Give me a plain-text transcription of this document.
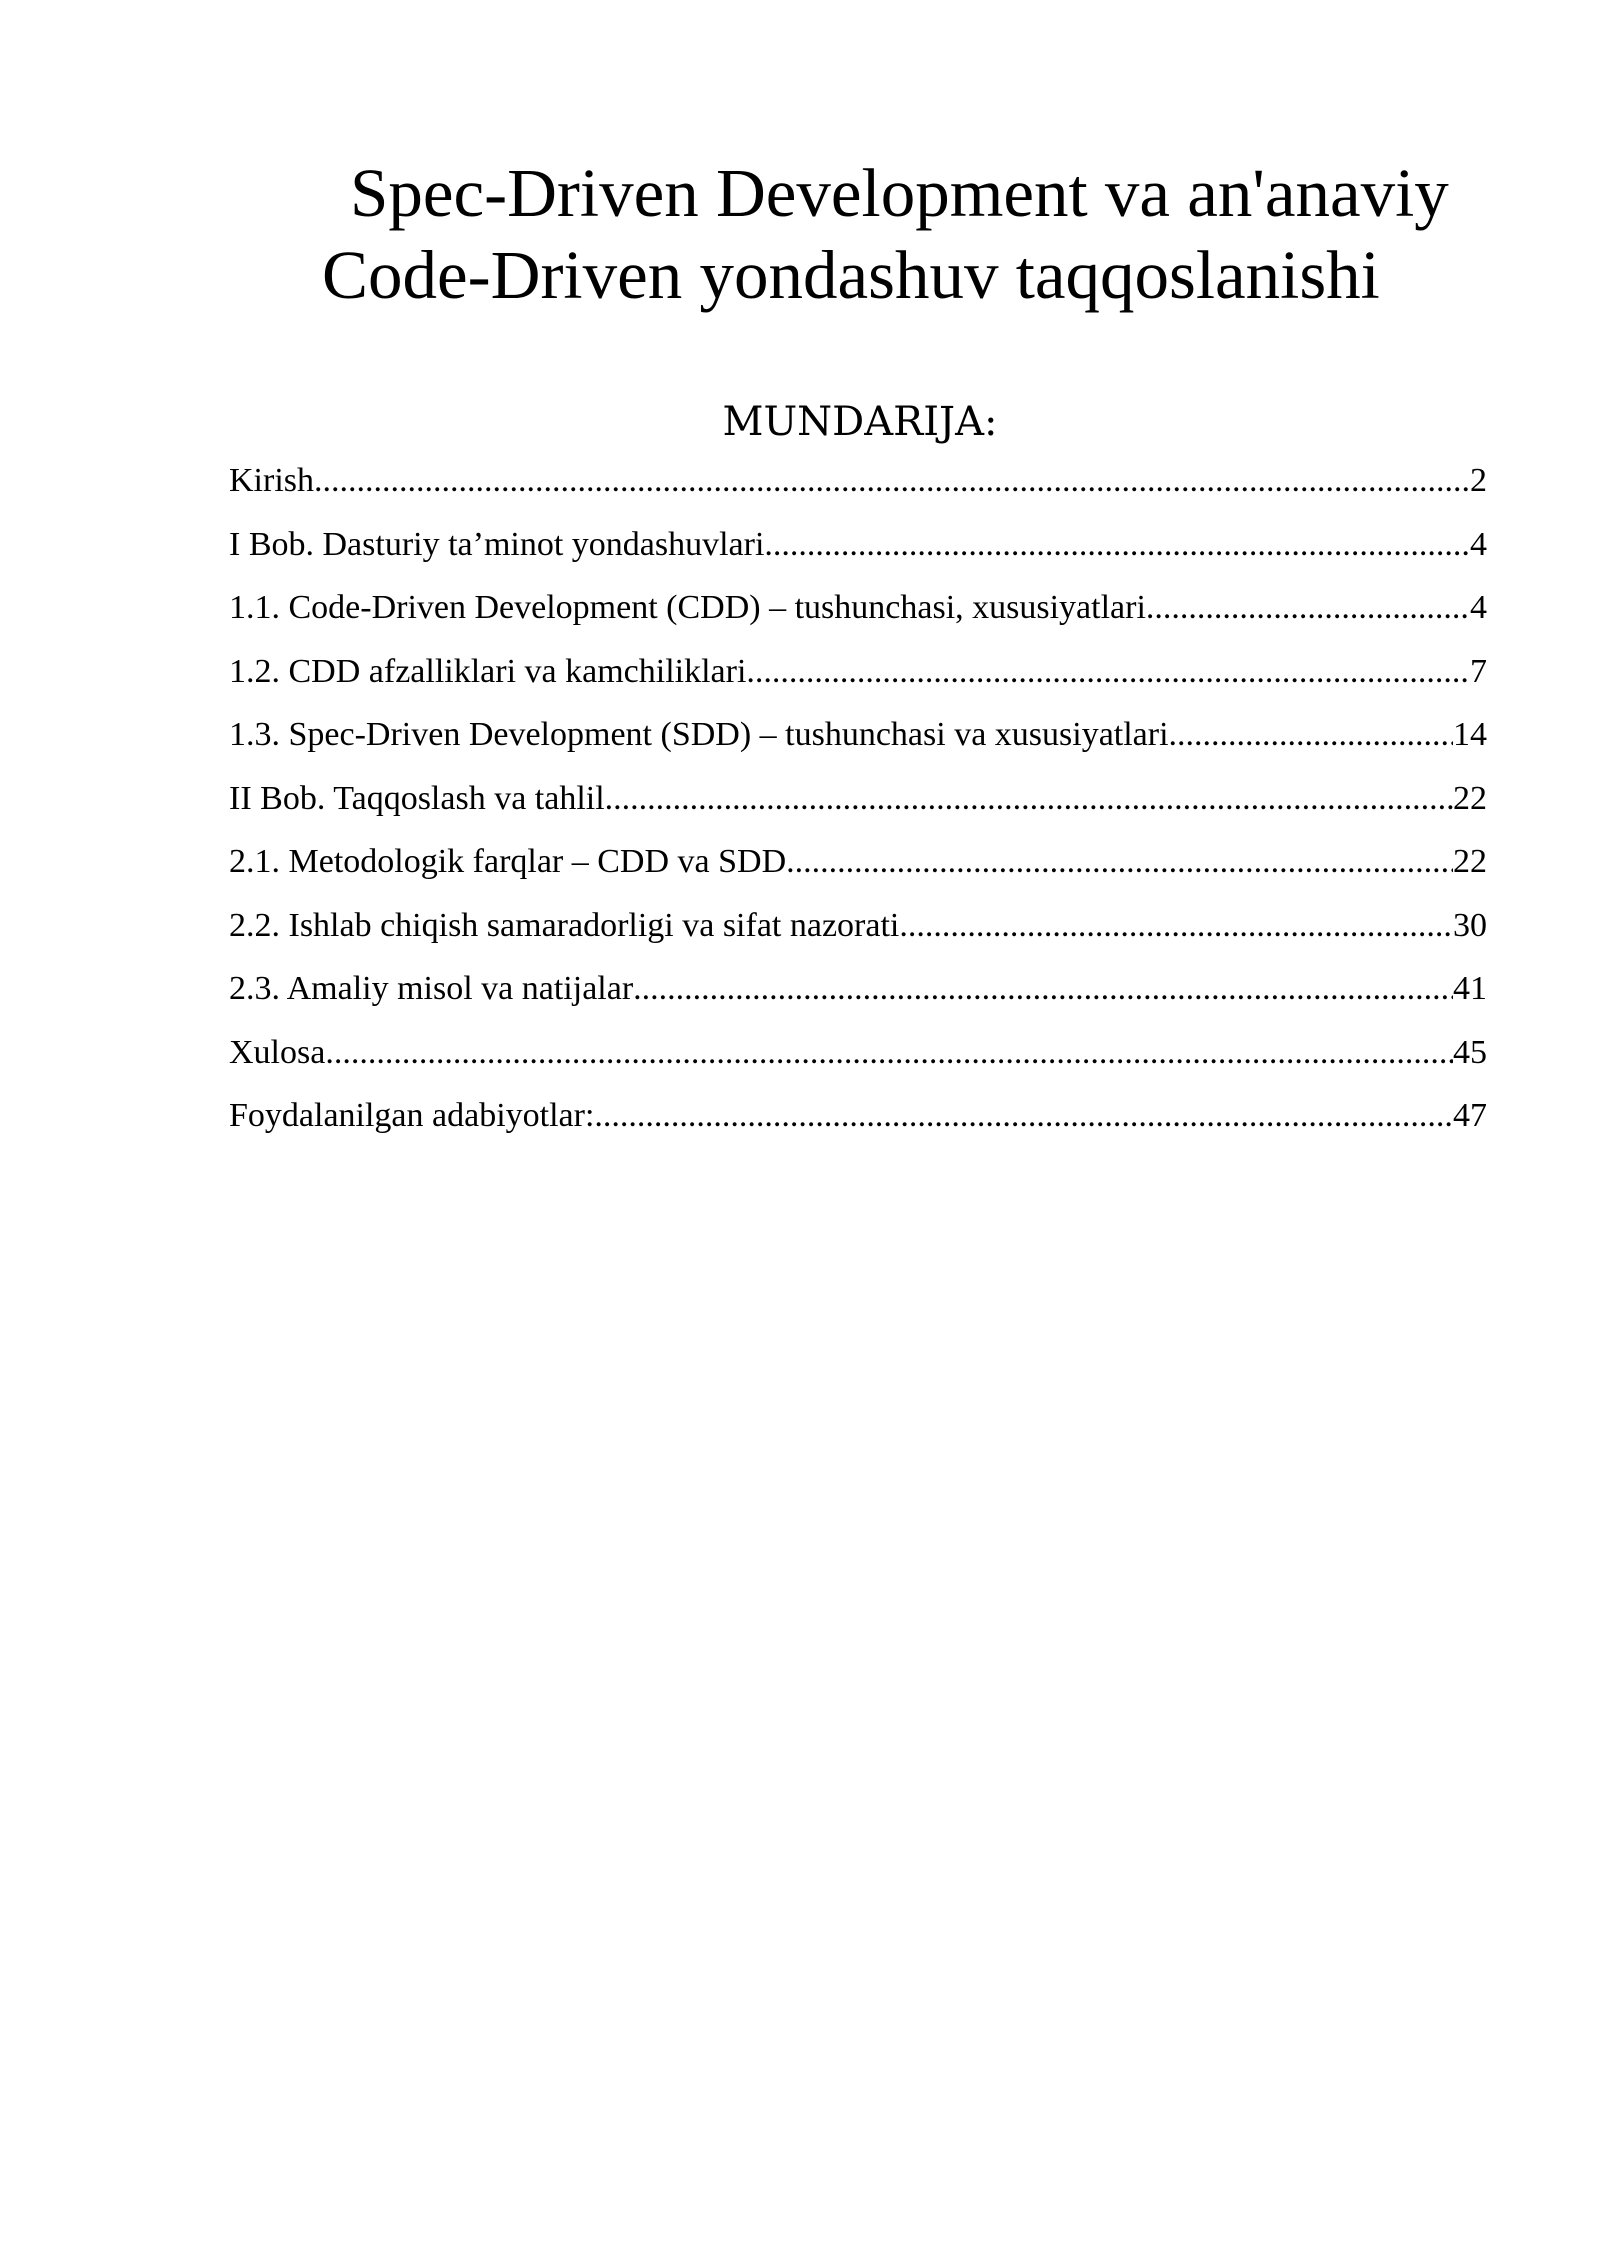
Spec-Driven Development va an'anaviy
Code-Driven yondashuv taqqoslanishi
MUNDARIJA:
Kirish .....	2
I Bob. Dasturiy ta’minot yondashuvlari .....	4
1.1. Code-Driven Development (CDD) – tushunchasi, xususiyatlari .....	4
1.2. CDD afzalliklari va kamchiliklari .....	7
1.3. Spec-Driven Development (SDD) – tushunchasi va xususiyatlari .....	14
II Bob. Taqqoslash va tahlil .....	22
2.1. Metodologik farqlar – CDD va SDD .....	22
2.2. Ishlab chiqish samaradorligi va sifat nazorati .....	30
2.3. Amaliy misol va natijalar .....	41
Xulosa .....	45
Foydalanilgan adabiyotlar: .....	47
